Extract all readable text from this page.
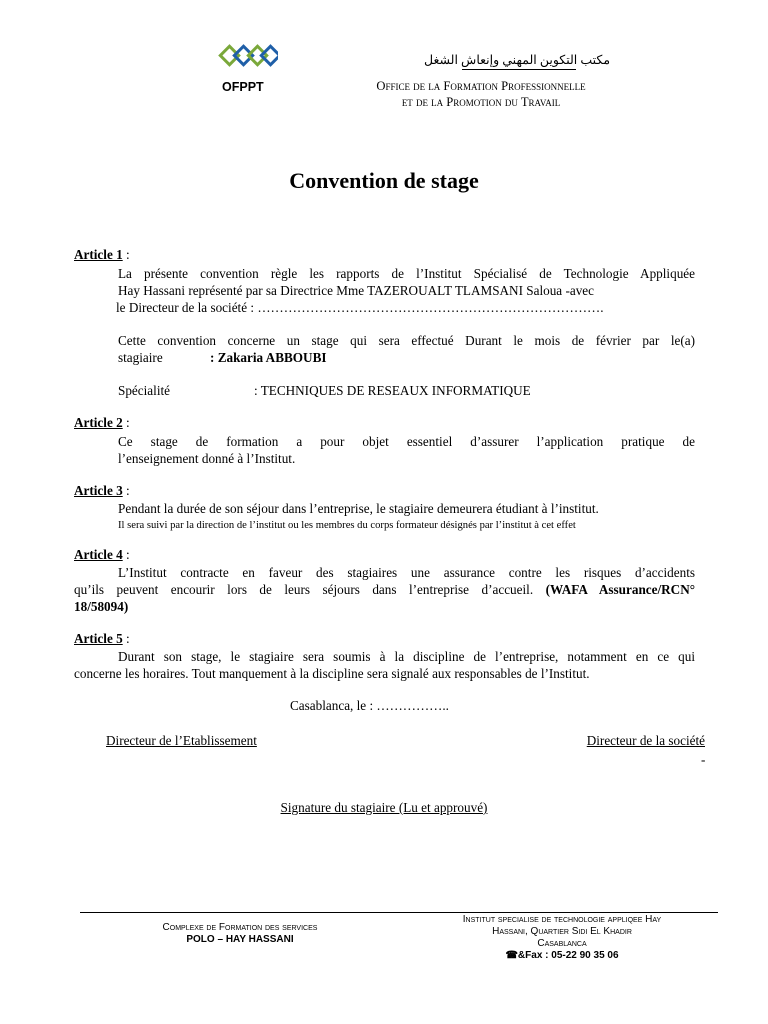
OFPPT
مكتب التكوين المهني وإنعاش الشغل
Office de la Formation Professionnelle
et de la Promotion du Travail
Convention de stage
Article 1 :
La présente convention règle les rapports de l’Institut Spécialisé de Technologie Appliquée
Hay Hassani représenté par sa Directrice Mme TAZEROUALT TLAMSANI Saloua -avec
le Directeur de la société : …………………………………………………………………….
Cette convention concerne un stage qui sera effectué Durant le mois de février par le(a)
stagiaire	: Zakaria ABBOUBI
Spécialité	: TECHNIQUES DE RESEAUX INFORMATIQUE
Article 2 :
Ce stage de formation a pour objet essentiel d’assurer l’application pratique de
l’enseignement donné à l’Institut.
Article 3 :
Pendant la durée de son séjour dans l’entreprise, le stagiaire demeurera étudiant à l’institut.
Il sera suivi par la direction de l’institut ou les membres du corps formateur désignés par l’institut à cet effet
Article 4 :
L’Institut contracte en faveur des stagiaires une assurance contre les risques d’accidents
qu’ils peuvent encourir lors de leurs séjours dans l’entreprise d’accueil. (WAFA Assurance/RCN°
18/58094)
Article 5 :
Durant son stage, le stagiaire sera soumis à la discipline de l’entreprise, notamment en ce qui
concerne les horaires. Tout manquement à la discipline sera signalé aux responsables de l’Institut.
Casablanca, le : ……………..
Directeur de l’Etablissement	Directeur de la société
-
Signature du stagiaire (Lu et approuvé)
Complexe de Formation des services
POLO – HAY HASSANI
Institut specialise de technologie appliqee Hay
Hassani, Quartier Sidi El Khadir
Casablanca
☎&Fax : 05-22 90 35 06
